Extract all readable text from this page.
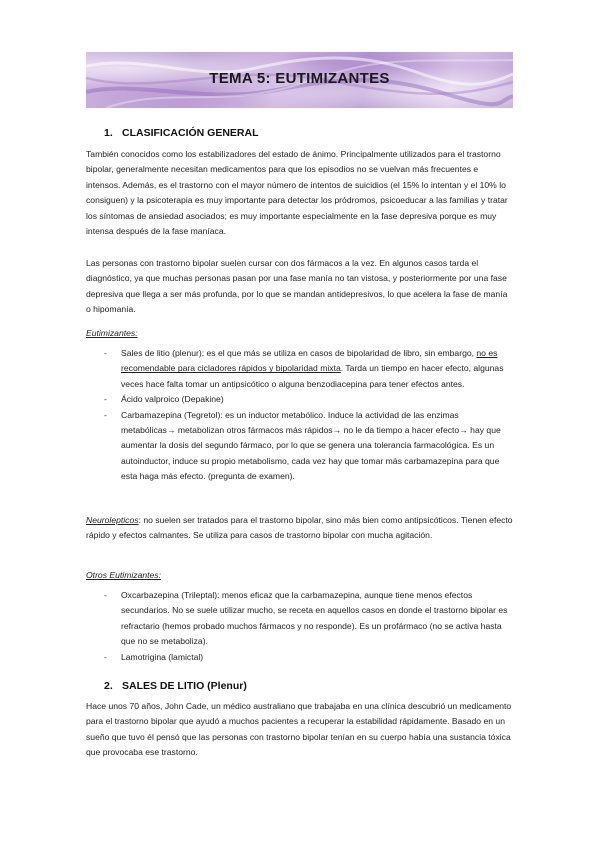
TEMA 5: EUTIMIZANTES
1. CLASIFICACIÓN GENERAL

También conocidos como los estabilizadores del estado de ánimo. Principalmente utilizados para el trastorno bipolar, generalmente necesitan medicamentos para que los episodios no se vuelvan más frecuentes e intensos. Además, es el trastorno con el mayor número de intentos de suicidios (el 15% lo intentan y el 10% lo consiguen) y la psicoterapia es muy importante para detectar los pródromos, psicoeducar a las familias y tratar los síntomas de ansiedad asociados; es muy importante especialmente en la fase depresiva porque es muy intensa después de la fase maníaca.

Las personas con trastorno bipolar suelen cursar con dos fármacos a la vez. En algunos casos tarda el diagnóstico, ya que muchas personas pasan por una fase manía no tan vistosa, y posteriormente por una fase depresiva que llega a ser más profunda, por lo que se mandan antidepresivos, lo que acelera la fase de manía o hipomanía.

Eutimizantes:
- Sales de litio (plenur): es el que más se utiliza en casos de bipolaridad de libro, sin embargo, no es recomendable para cicladores rápidos y bipolaridad mixta. Tarda un tiempo en hacer efecto, algunas veces hace falta tomar un antipsicótico o alguna benzodiacepina para tener efectos antes.
- Ácido valproico (Depakine)
- Carbamazepina (Tegretol): es un inductor metabólico. Induce la actividad de las enzimas metabólicas→ metabolizan otros fármacos más rápidos→ no le da tiempo a hacer efecto→ hay que aumentar la dosis del segundo fármaco, por lo que se genera una tolerancia farmacológica. Es un autoinductor, induce su propio metabolismo, cada vez hay que tomar más carbamazepina para que esta haga más efecto. (pregunta de examen).

Neurolepticos: no suelen ser tratados para el trastorno bipolar, sino más bien como antipsicóticos. Tienen efecto rápido y efectos calmantes. Se utiliza para casos de trastorno bipolar con mucha agitación.

Otros Eutimizantes:
- Oxcarbazepina (Trileptal): menos eficaz que la carbamazepina, aunque tiene menos efectos secundarios. No se suele utilizar mucho, se receta en aquellos casos en donde el trastorno bipolar es refractario (hemos probado muchos fármacos y no responde). Es un profármaco (no se activa hasta que no se metaboliza).
- Lamotrigina (lamictal)
2. SALES DE LITIO (Plenur)

Hace unos 70 años, John Cade, un médico australiano que trabajaba en una clínica descubrió un medicamento para el trastorno bipolar que ayudó a muchos pacientes a recuperar la estabilidad rápidamente. Basado en un sueño que tuvo él pensó que las personas con trastorno bipolar tenían en su cuerpo había una sustancia tóxica que provocaba ese trastorno.
